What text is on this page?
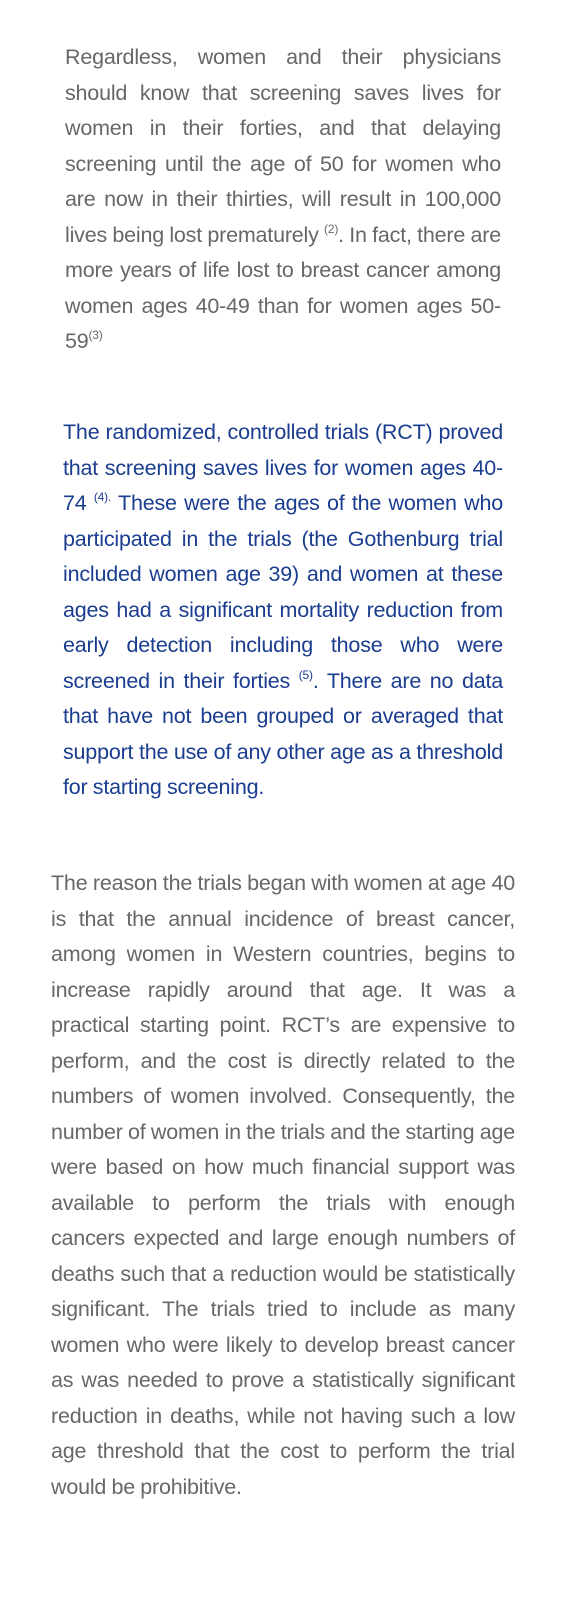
Regardless, women and their physicians should know that screening saves lives for women in their forties, and that delaying screening until the age of 50 for women who are now in their thirties, will result in 100,000 lives being lost prematurely $^{(2)}$. In fact, there are more years of life lost to breast cancer among women ages 40-49 than for women ages 50-59$^{(3)}$

The randomized, controlled trials (RCT) proved that screening saves lives for women ages 40-74 $^{(4).}$ These were the ages of the women who participated in the trials (the Gothenburg trial included women age 39) and women at these ages had a significant mortality reduction from early detection including those who were screened in their forties $^{(5)}$. There are no data that have not been grouped or averaged that support the use of any other age as a threshold for starting screening.

The reason the trials began with women at age 40 is that the annual incidence of breast cancer, among women in Western countries, begins to increase rapidly around that age. It was a practical starting point. RCT’s are expensive to perform, and the cost is directly related to the numbers of women involved. Consequently, the number of women in the trials and the starting age were based on how much financial support was available to perform the trials with enough cancers expected and large enough numbers of deaths such that a reduction would be statistically significant. The trials tried to include as many women who were likely to develop breast cancer as was needed to prove a statistically significant reduction in deaths, while not having such a low age threshold that the cost to perform the trial would be prohibitive.
